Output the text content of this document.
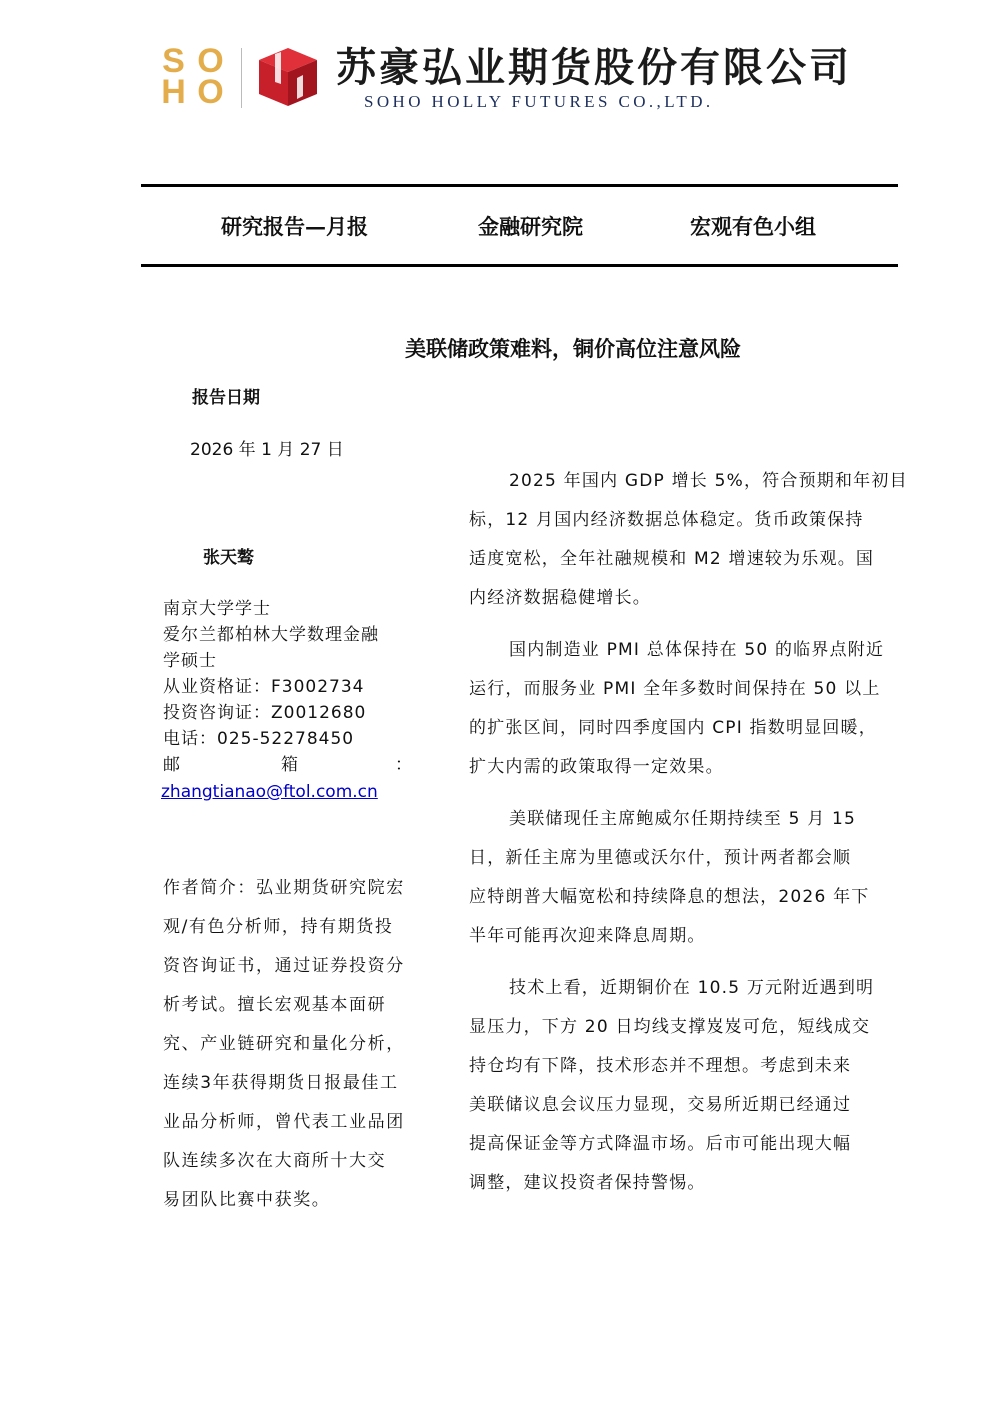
S O
H O
苏豪弘业期货股份有限公司
SOHO HOLLY FUTURES CO.,LTD.
研究报告—月报	金融研究院	宏观有色小组
美联储政策难料，铜价高位注意风险
报告日期
2026 年 1 月 27 日
张天骜
南京大学学士
爱尔兰都柏林大学数理金融
学硕士
从业资格证：F3002734
投资咨询证：Z0012680
电话：025-52278450
邮	箱	：
zhangtianao@ftol.com.cn
作者简介：弘业期货研究院宏
观/有色分析师，持有期货投
资咨询证书，通过证券投资分
析考试。擅长宏观基本面研
究、产业链研究和量化分析，
连续3年获得期货日报最佳工
业品分析师，曾代表工业品团
队连续多次在大商所十大交
易团队比赛中获奖。
2025 年国内 GDP 增长 5%，符合预期和年初目
标，12 月国内经济数据总体稳定。货币政策保持
适度宽松，全年社融规模和 M2 增速较为乐观。国
内经济数据稳健增长。
国内制造业 PMI 总体保持在 50 的临界点附近
运行，而服务业 PMI 全年多数时间保持在 50 以上
的扩张区间，同时四季度国内 CPI 指数明显回暖，
扩大内需的政策取得一定效果。
美联储现任主席鲍威尔任期持续至 5 月 15
日，新任主席为里德或沃尔什，预计两者都会顺
应特朗普大幅宽松和持续降息的想法，2026 年下
半年可能再次迎来降息周期。
技术上看，近期铜价在 10.5 万元附近遇到明
显压力，下方 20 日均线支撑岌岌可危，短线成交
持仓均有下降，技术形态并不理想。考虑到未来
美联储议息会议压力显现，交易所近期已经通过
提高保证金等方式降温市场。后市可能出现大幅
调整，建议投资者保持警惕。
